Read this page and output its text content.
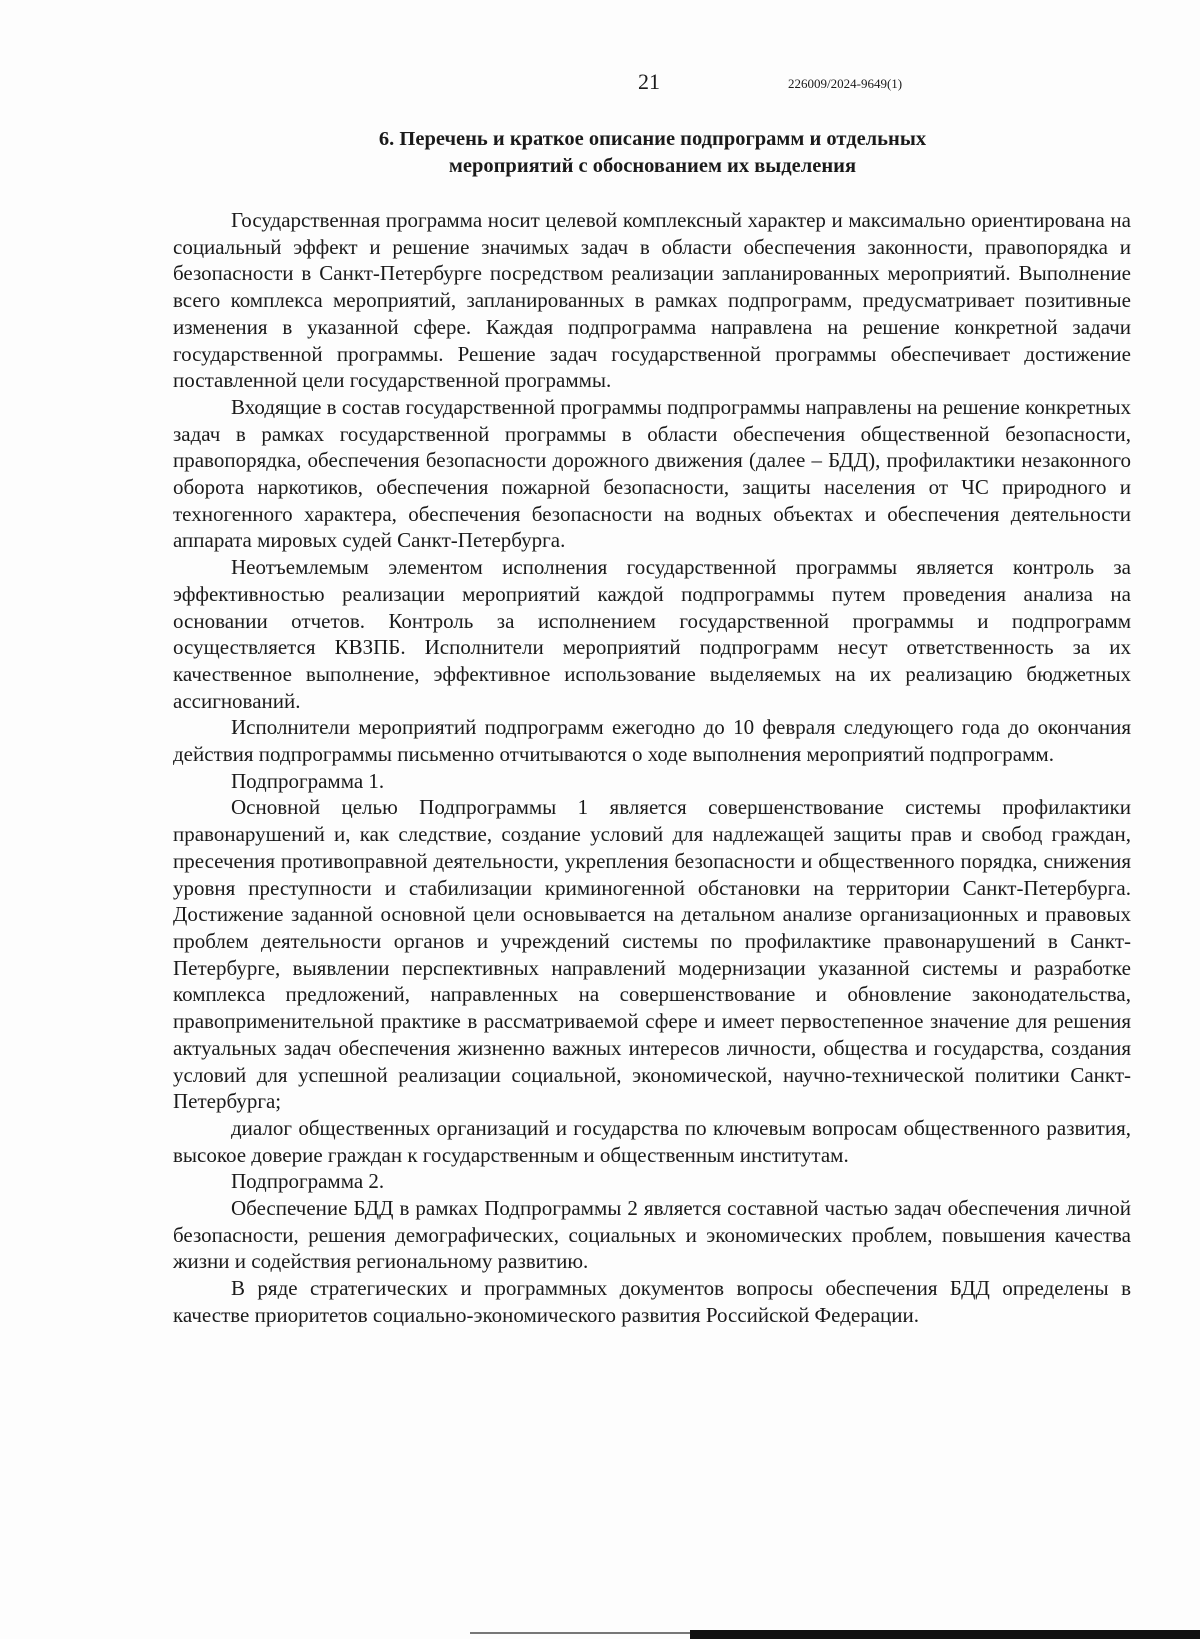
21	226009/2024-9649(1)
6. Перечень и краткое описание подпрограмм и отдельных
мероприятий с обоснованием их выделения

Государственная программа носит целевой комплексный характер и максимально ориентирована на социальный эффект и решение значимых задач в области обеспечения законности, правопорядка и безопасности в Санкт-Петербурге посредством реализации запланированных мероприятий. Выполнение всего комплекса мероприятий, запланированных в рамках подпрограмм, предусматривает позитивные изменения в указанной сфере. Каждая подпрограмма направлена на решение конкретной задачи государственной программы. Решение задач государственной программы обеспечивает достижение поставленной цели государственной программы.

Входящие в состав государственной программы подпрограммы направлены на решение конкретных задач в рамках государственной программы в области обеспечения общественной безопасности, правопорядка, обеспечения безопасности дорожного движения (далее – БДД), профилактики незаконного оборота наркотиков, обеспечения пожарной безопасности, защиты населения от ЧС природного и техногенного характера, обеспечения безопасности на водных объектах и обеспечения деятельности аппарата мировых судей Санкт-Петербурга.

Неотъемлемым элементом исполнения государственной программы является контроль за эффективностью реализации мероприятий каждой подпрограммы путем проведения анализа на основании отчетов. Контроль за исполнением государственной программы и подпрограмм осуществляется КВЗПБ. Исполнители мероприятий подпрограмм несут ответственность за их качественное выполнение, эффективное использование выделяемых на их реализацию бюджетных ассигнований.

Исполнители мероприятий подпрограмм ежегодно до 10 февраля следующего года до окончания действия подпрограммы письменно отчитываются о ходе выполнения мероприятий подпрограмм.

Подпрограмма 1.

Основной целью Подпрограммы 1 является совершенствование системы профилактики правонарушений и, как следствие, создание условий для надлежащей защиты прав и свобод граждан, пресечения противоправной деятельности, укрепления безопасности и общественного порядка, снижения уровня преступности и стабилизации криминогенной обстановки на территории Санкт-Петербурга. Достижение заданной основной цели основывается на детальном анализе организационных и правовых проблем деятельности органов и учреждений системы по профилактике правонарушений в Санкт-Петербурге, выявлении перспективных направлений модернизации указанной системы и разработке комплекса предложений, направленных на совершенствование и обновление законодательства, правоприменительной практике в рассматриваемой сфере и имеет первостепенное значение для решения актуальных задач обеспечения жизненно важных интересов личности, общества и государства, создания условий для успешной реализации социальной, экономической, научно-технической политики Санкт-Петербурга;

диалог общественных организаций и государства по ключевым вопросам общественного развития, высокое доверие граждан к государственным и общественным институтам.

Подпрограмма 2.

Обеспечение БДД в рамках Подпрограммы 2 является составной частью задач обеспечения личной безопасности, решения демографических, социальных и экономических проблем, повышения качества жизни и содействия региональному развитию.

В ряде стратегических и программных документов вопросы обеспечения БДД определены в качестве приоритетов социально-экономического развития Российской Федерации.
